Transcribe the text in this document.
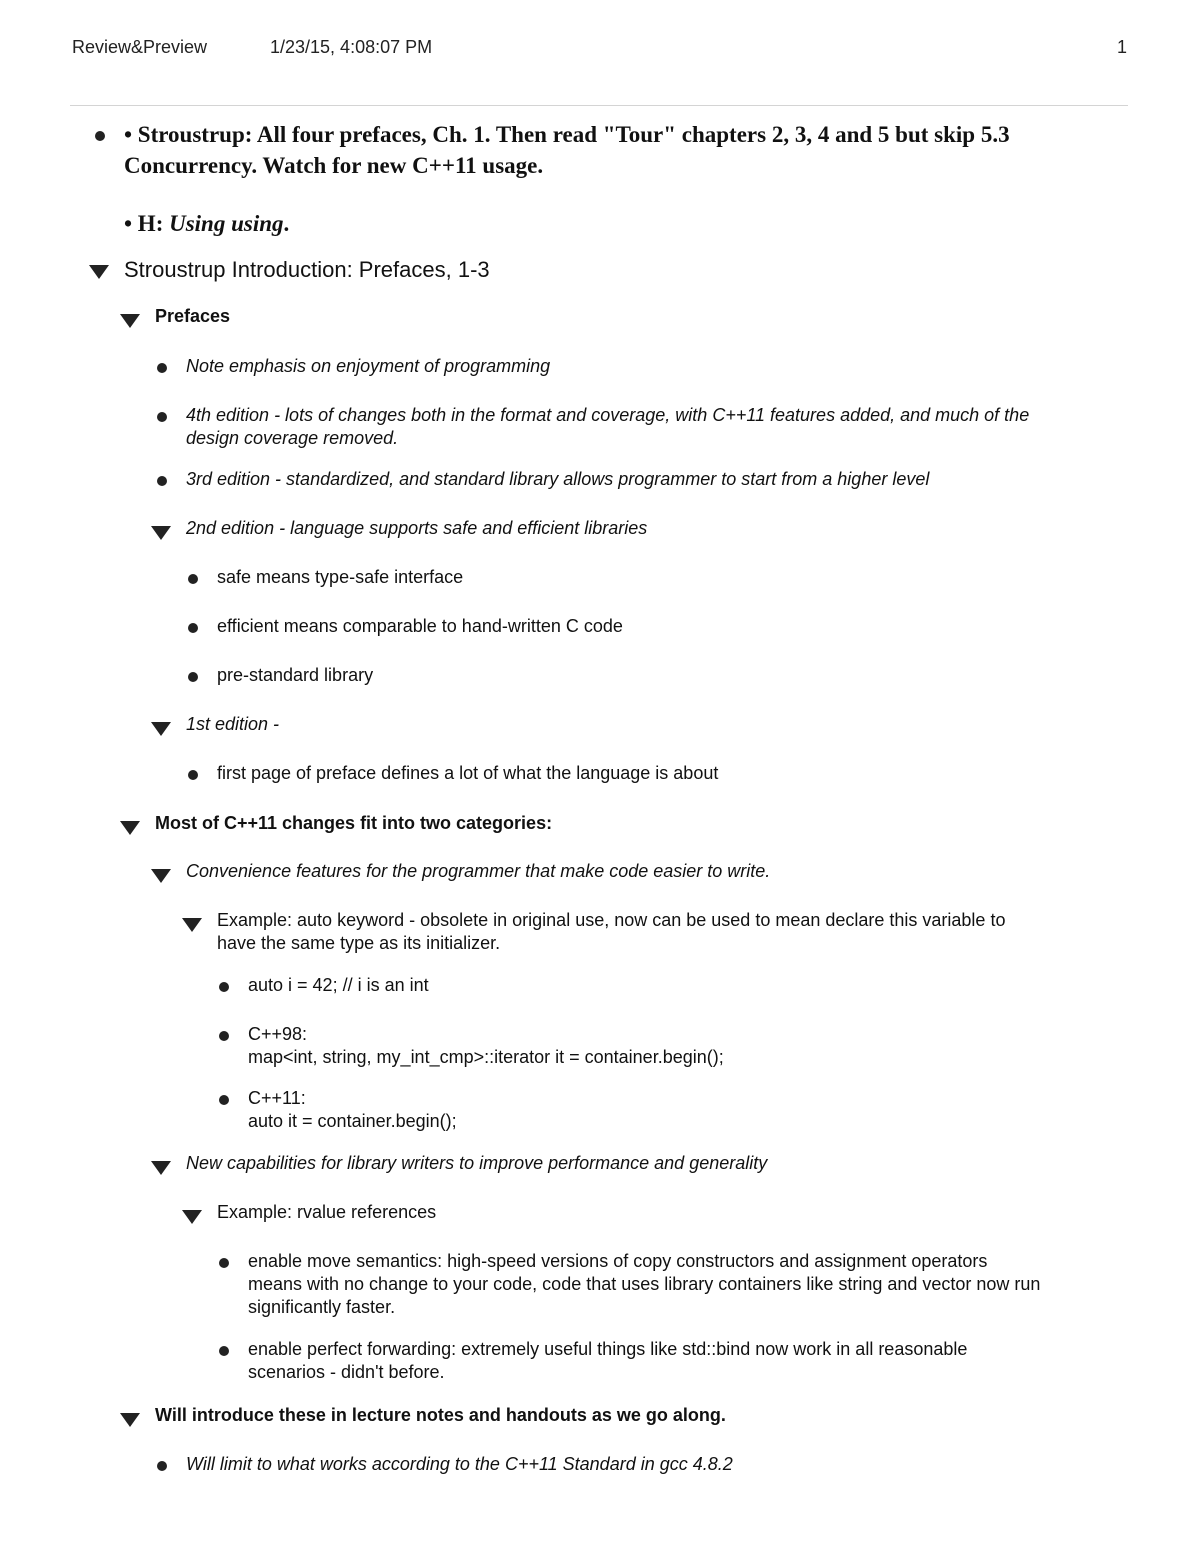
Review&Preview	1/23/15, 4:08:07 PM	1
• Stroustrup: All four prefaces, Ch. 1. Then read "Tour" chapters 2, 3, 4 and 5 but skip 5.3
Concurrency. Watch for new C++11 usage.
• H: Using using.
Stroustrup Introduction: Prefaces, 1-3
Prefaces
Note emphasis on enjoyment of programming
4th edition - lots of changes both in the format and coverage, with C++11 features added, and much of the
design coverage removed.
3rd edition - standardized, and standard library allows programmer to start from a higher level
2nd edition - language supports safe and efficient libraries
safe means type-safe interface
efficient means comparable to hand-written C code
pre-standard library
1st edition -
first page of preface defines a lot of what the language is about
Most of C++11 changes fit into two categories:
Convenience features for the programmer that make code easier to write.
Example: auto keyword - obsolete in original use, now can be used to mean declare this variable to
have the same type as its initializer.
auto i = 42; // i is an int
C++98:
map<int, string, my_int_cmp>::iterator it = container.begin();
C++11:
auto it = container.begin();
New capabilities for library writers to improve performance and generality
Example: rvalue references
enable move semantics: high-speed versions of copy constructors and assignment operators
means with no change to your code, code that uses library containers like string and vector now run
significantly faster.
enable perfect forwarding: extremely useful things like std::bind now work in all reasonable
scenarios - didn't before.
Will introduce these in lecture notes and handouts as we go along.
Will limit to what works according to the C++11 Standard in gcc 4.8.2
